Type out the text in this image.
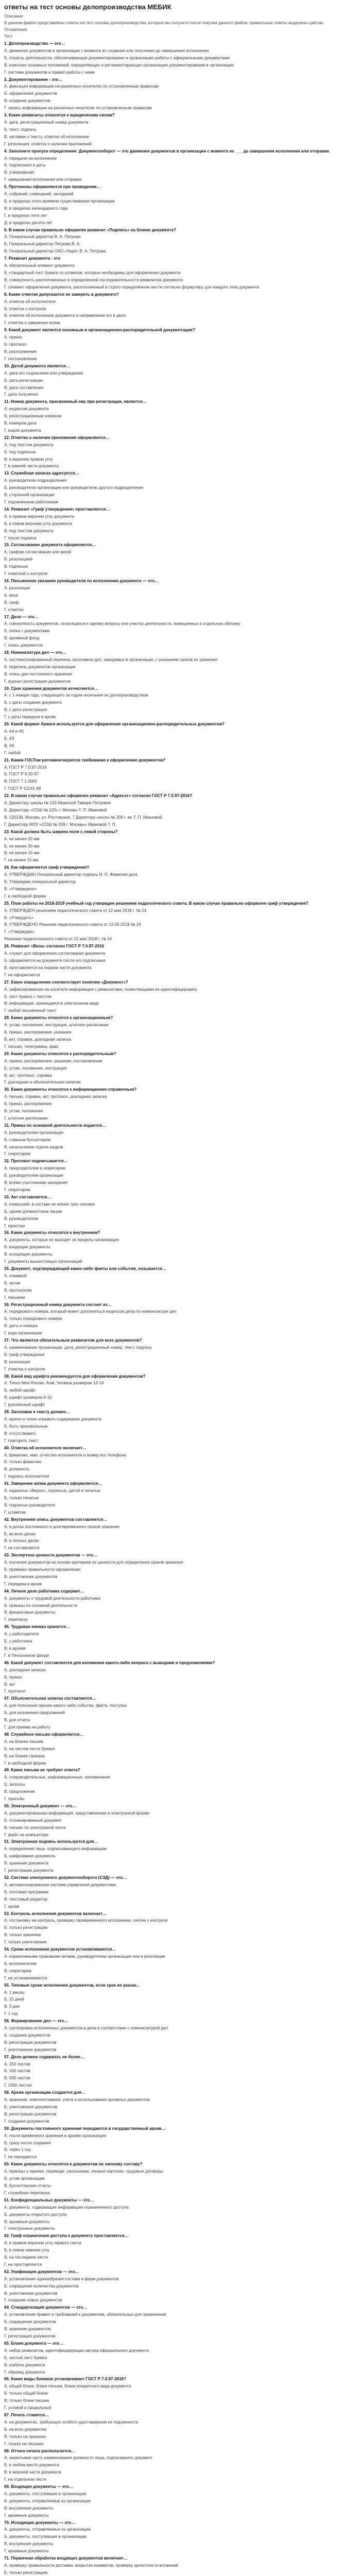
ответы на тест основы делопроизводства МЕБИК
Описание
В данном файле представлены ответы на тест основы делопроизводства, которые вы получите после покупки данного файла, правильные ответы выделены цветом.
Оглавление
Тест

1. Делопроизводство — это…

А. движение документов в организации с момента их создания или получения до завершения исполнения

Б. отрасль деятельности, обеспечивающая документирование и организацию работы с официальными документами

В. комплекс основных положений, определяющих и регламентирующих организацию документирования в организации

Г. система документов и правил работы с ними

2. Документирование - это…

А. фиксация информации на различных носителях по установленным правилам

Б. оформление документов

В. создание документов

Г. запись информации на различных носителях по установленным правилам

3. Какие реквизиты относятся к юридическим силам?

А. дата, регистрационный номер документа

Б. текст, подпись

В. заглавие к тексту, отметка об исполнении

Г. резолюция, отметка о наличии приложений

4. Заполните пропуск определения: Документооборот — это движение документов в организации с момента их ___ до завершения исполнения или отправки.

А. передачи на исполнение

Б. подписания и даты

В. утверждения

Г. завершения исполнения или отправки

5. Протоколы оформляются при проведении…

А. собраний, совещаний, заседаний

Б. в пределах этого времени существования организации

В. в пределах календарного года

Г. в пределах пяти лет

Д. в пределах десяти лет

6. В каком случае правильно оформлен реквизит «Подпись» на бланке документа?

А. Генеральный директор В. А. Петрова

Б. Генеральный директор Петрова В. А.

В. Генеральный директор ОАО «Заря» В. А. Петрова

7. Реквизит документа - это

А. обязательный элемент документа

Б. стандартный лист бумаги со штампом, которые необходимы для оформления документа

В. совокупность расположенных в определённой последовательности реквизитов документа

Г. элемент оформления документа, расположенный в строго определённом месте согласно формуляру для каждого типа документа

8. Какие отметки допускается не заверять в документе?

А. отметка об исполнителе

Б. отметка о контроле

В. отметка об исполнении документа и направлении его в дело

Г. отметка о заверении копии

9. Какой документ является основным в организационно-распорядительной документации?

А. приказ

Б. протокол

В. распоряжение

Г. постановление

10. Датой документа является…

А. дата его подписания или утверждения

Б. дата регистрации

В. дата составления

Г. дата получения

11. Номер документа, присвоенный ему при регистрации, является…

А. индексом документа

Б. регистрационным номером

В. номером дела

Г. кодом документа

12. Отметка о наличии приложения оформляется…

А. под текстом документа

Б. под подписью

В. в верхнем правом углу

Г. в нижней части документа

13. Служебная записка адресуется…

А. руководителю подразделения

Б. руководителю организации или руководителю другого подразделения

В. сторонней организации

Г. подчиненным работникам

14. Реквизит «Гриф утверждения» проставляется…

А. в правом верхнем углу документа

Б. в левом верхнем углу документа

В. под текстом документа

Г. после подписи

15. Согласование документа оформляется…

А. грифом согласования или визой

Б. резолюцией

В. подписью

Г. отметкой о контроле

16. Письменное указание руководителя по исполнению документа — это…

А. резолюция

Б. виза

В. гриф

Г. отметка

17. Дело — это…

А. совокупность документов, относящихся к одному вопросу или участку деятельности, помещенных в отдельную обложку

Б. папка с документами

В. архивный фонд

Г. опись документов

18. Номенклатура дел — это…

А. систематизированный перечень заголовков дел, заводимых в организации, с указанием сроков их хранения

Б. перечень документов организации

В. опись дел постоянного хранения

Г. журнал регистрации документов

19. Срок хранения документов исчисляется…

А. с 1 января года, следующего за годом окончания их делопроизводством

Б. с даты создания документа

В. с даты регистрации

Г. с даты передачи в архив

20. Какой формат бумаги используется для оформления организационно-распорядительных документов?

А. А4 и А5

Б. А3

В. А6

Г. любой

21. Каким ГОСТом регламентируются требования к оформлению документов?

А. ГОСТ Р 7.0.97-2016

Б. ГОСТ Р 6.30-97

В. ГОСТ 7.1-2003

Г. ГОСТ Р 51141-98

22. В каком случае правильно оформлен реквизит «Адресат» согласно ГОСТ Р 7.0.97-2016?

А. Директору школы № 120 Иванской Тамаре Петровне

Б. Директору «СОШ № 120» г. Москвы Т. П. Ивановой

В. 120136, Москва, ул. Ростовская, 7 Директору школы № 209 г. мс Т. П. Ивановой

Г. Директору МОУ «СОШ № 209 г. Москвы» Ивановой Т. П.

23. Какой должна быть ширина поля с левой стороны?

А. не менее 20 мм

Б. не менее 30 мм

В. не менее 10 мм

Г. не менее 15 мм

24. Как оформляется гриф утверждения?

А. УТВЕРЖДАЮ Генеральный директор подпись И. О. Фамилия дата

Б. Утверждаю генеральный директор

В. «Утверждено»

Г. в свободной форме

25. План работы на 2018-2019 учебный год утвержден решением педагогического совета. В каком случае правильно оформлен гриф утверждения?

А. УТВЕРЖДЕН решением педагогического совета от 12 мая 2018 г. № 24

Б. «Утвердить»

В. УТВЕРЖДЕНО Решение педагогического совета от 12.05.2018 № 24

Г. «Утверждаю»

Решение педагогического совета от 12 мая 2018 г. № 24

26. Реквизит «Виза» согласно ГОСТ Р 7.0.97-2016

А. служит для оформления согласования документа

Б. оформляется на документе после его подписания

В. проставляется на первом листе документа

Г. не оформляется

27. Какое определение соответствует понятию «Документ»?

А. зафиксированная на носителе информация с реквизитами, позволяющими ее идентифицировать

Б. лист бумаги с текстом

В. информация, хранящаяся в электронном виде

Г. любой письменный текст

28. Какие документы относятся к организационным?

А. устав, положение, инструкция, штатное расписание

Б. приказ, распоряжение, указание

В. акт, справка, докладная записка

Г. письмо, телеграмма, факс

29. Какие документы относятся к распорядительным?

А. приказ, распоряжение, решение, постановление

Б. устав, положение, инструкция

В. акт, протокол, справка

Г. докладная и объяснительная записки

30. Какие документы относятся к информационно-справочным?

А. письмо, справка, акт, протокол, докладная записка

Б. приказ, распоряжение

В. устав, положение

Г. штатное расписание

31. Приказ по основной деятельности издается…

А. руководителем организации

Б. главным бухгалтером

В. начальником отдела кадров

Г. секретарем

32. Протокол подписывается…

А. председателем и секретарем

Б. руководителем организации

В. всеми участниками заседания

Г. секретарем

33. Акт составляется…

А. комиссией, в составе не менее трех человек

Б. одним должностным лицом

В. руководителем

Г. юристом

34. Какие документы относятся к внутренним?

А. документы, которые не выходят за пределы организации

Б. входящие документы

В. исходящие документы

Г. документы вышестоящих организаций

35. Документ, подтверждающий какие-либо факты или события, называется…

А. справкой

Б. актом

В. протоколом

Г. письмом

36. Регистрационный номер документа состоит из…

А. порядкового номера, который может дополняться индексом дела по номенклатуре дел

Б. только порядкового номера

В. даты и номера

Г. кода организации

37. Что является обязательным реквизитом для всех документов?

А. наименование организации, дата, регистрационный номер, текст, подпись

Б. гриф утверждения

В. резолюция

Г. отметка о контроле

38. Какой вид шрифта рекомендуется для оформления документов?

А. Times New Roman, Arial, Verdana размером 12-14

Б. любой шрифт

В. шрифт размером 8-10

Г. рукописный шрифт

39. Заголовок к тексту должен…

А. кратко и точно отражать содержание документа

Б. быть произвольным

В. отсутствовать

Г. повторять текст

40. Отметка об исполнителе включает…

А. фамилию, имя, отчество исполнителя и номер его телефона

Б. только фамилию

В. должность

Г. подпись исполнителя

41. Заверение копии документа оформляется…

А. надписью «Верно», подписью, датой и печатью

Б. только печатью

В. подписью руководителя

Г. штампом

42. Внутренняя опись документов составляется…

А. в делах постоянного и долговременного сроков хранения

Б. во всех делах

В. в личных делах

Г. не составляется

43. Экспертиза ценности документов — это…

А. изучение документов на основе критериев их ценности для определения сроков хранения

Б. проверка правильности оформления

В. уничтожение документов

Г. передача в архив

44. Личное дело работника содержит…

А. документы о трудовой деятельности работника

Б. приказы по основной деятельности

В. финансовые документы

Г. переписку

45. Трудовая книжка хранится…

А. у работодателя

Б. у работника

В. в архиве

Г. в Пенсионном фонде

46. Какой документ составляется для изложения какого-либо вопроса с выводами и предложениями?

А. докладная записка

Б. приказ

В. акт

Г. протокол

47. Объяснительная записка составляется…

А. для пояснения причин какого-либо события, факта, поступка

Б. для изложения предложений

В. для отчета

Г. для приема на работу

48. Служебное письмо оформляется…

А. на бланке письма

Б. на чистом листе бумаги

В. на бланке приказа

Г. в свободной форме

49. Какие письма не требуют ответа?

А. сопроводительные, информационные, напоминания

Б. запросы

В. предложения

Г. просьбы

50. Электронный документ — это…

А. документированная информация, представленная в электронной форме

Б. отсканированный документ

В. письмо по электронной почте

Г. файл на компьютере

51. Электронная подпись используется для…

А. определения лица, подписывающего информацию

Б. шифрования документа

В. хранения документа

Г. регистрации документа

52. Система электронного документооборота (СЭД) — это…

А. автоматизированная система управления документами

Б. почтовая программа

В. текстовый редактор

Г. архив

53. Контроль исполнения документов включает…

А. постановку на контроль, проверку своевременного исполнения, снятие с контроля

Б. только регистрацию

В. только хранение

Г. только уничтожение

54. Сроки исполнения документов устанавливаются…

А. нормативными правовыми актами, руководителем организации или в резолюции

Б. исполнителем

В. секретарем

Г. не устанавливаются

55. Типовые сроки исполнения документов, если срок не указан…

А. 1 месяц

Б. 10 дней

В. 3 дня

Г. 1 год

56. Формирование дел — это…

А. группировка исполненных документов в дела в соответствии с номенклатурой дел

Б. создание документов

В. регистрация документов

Г. уничтожение документов

57. Дело должно содержать не более…

А. 250 листов

Б. 100 листов

В. 500 листов

Г. 1000 листов

58. Архив организации создается для…

А. хранения, комплектования, учета и использования архивных документов

Б. уничтожения документов

В. регистрации документов

Г. создания документов

59. Документы постоянного хранения передаются в государственный архив…

А. после временного хранения в архиве организации

Б. сразу после создания

В. через 1 год

Г. не передаются

60. Какие документы относятся к документам по личному составу?

А. приказы о приеме, переводе, увольнении, личные карточки, трудовые договоры

Б. устав организации

В. бухгалтерские отчеты

Г. служебная переписка

61. Конфиденциальные документы — это…

А. документы, содержащие информацию ограниченного доступа

Б. документы открытого доступа

В. архивные документы

Г. электронные документы

62. Гриф ограничения доступа к документу проставляется…

А. в правом верхнем углу первого листа

Б. в левом нижнем углу

В. на последнем листе

Г. не проставляется

63. Унификация документов — это…

А. установление единообразия состава и форм документов

Б. сокращение количества документов

В. уничтожение документов

Г. создание новых документов

64. Стандартизация документов — это…

А. установление правил и требований к документам, обязательных для применения

Б. сокращение документов

В. хранение документов

Г. регистрация документов

65. Бланк документа — это…

А. набор реквизитов, идентифицирующих автора официального документа

Б. чистый лист бумаги

В. шаблон документа

Г. образец документа

66. Какие виды бланков устанавливает ГОСТ Р 7.0.97-2016?

А. общий бланк, бланк письма, бланк конкретного вида документа

Б. только общий бланк

В. только бланк письма

Г. угловой и продольный

67. Печать ставится…

А. на документах, требующих особого удостоверения их подлинности

Б. на всех документах

В. только на приказах

Г. только на письмах

68. Оттиск печати располагается…

А. захватывая часть наименования должности лица, подписавшего документ

Б. в любом месте документа

В. в верхней части документа

Г. на отдельном листе

69. Входящие документы — это…

А. документы, поступившие в организацию

Б. документы, отправляемые из организации

В. внутренние документы

Г. архивные документы

70. Исходящие документы — это…

А. документы, отправляемые из организации

Б. документы, поступившие в организацию

В. внутренние документы

Г. архивные документы

71. Первичная обработка входящих документов включает…

А. проверку правильности доставки, вскрытие конвертов, проверку целостности вложений

Б. только регистрацию
